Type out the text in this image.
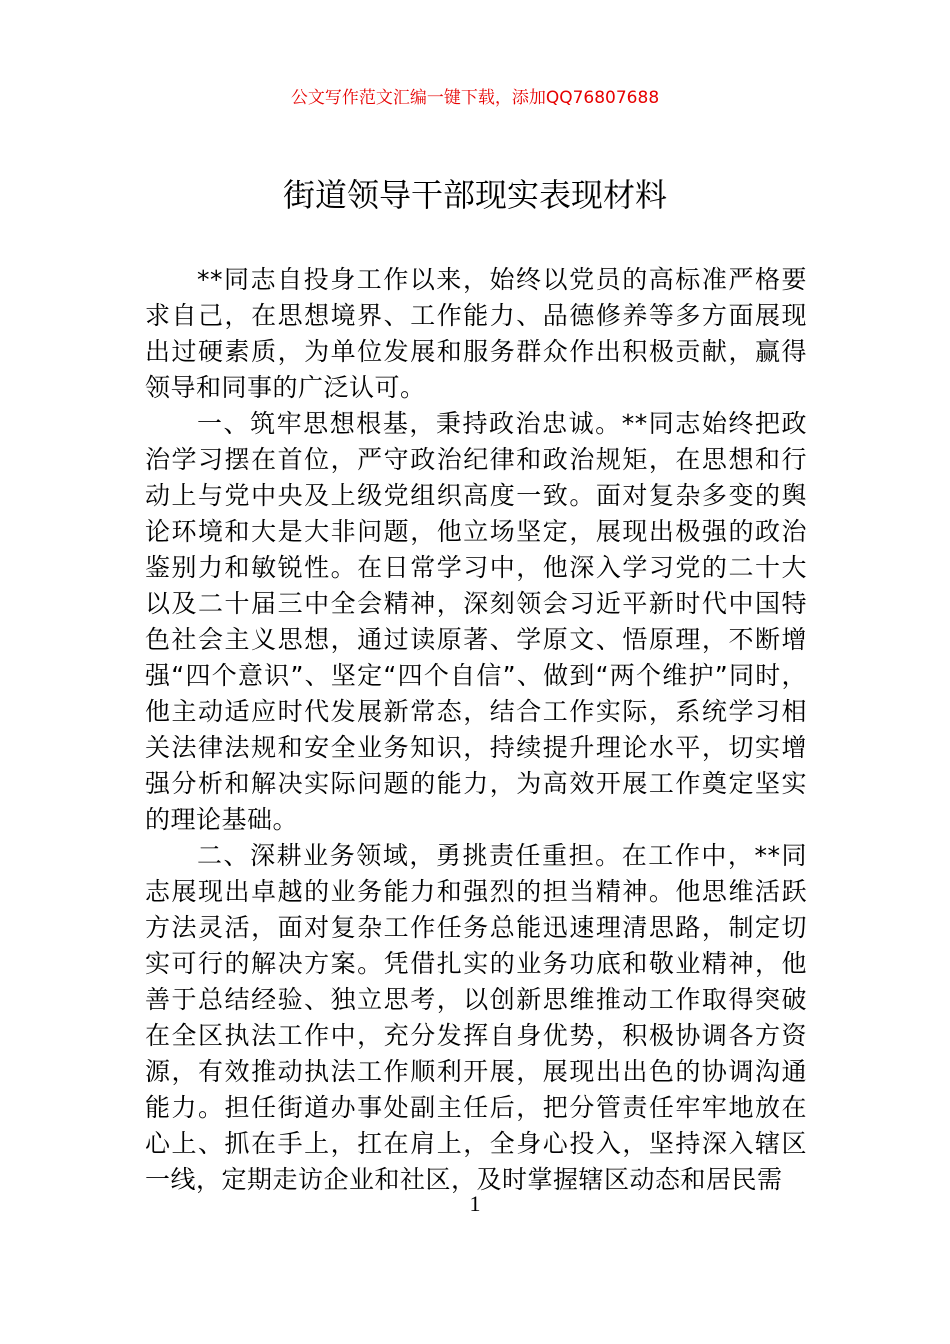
公文写作范文汇编一键下载，添加QQ76807688
街道领导干部现实表现材料

**同志自投身工作以来，始终以党员的高标准严格要求自己，在思想境界、工作能力、品德修养等多方面展现出过硬素质，为单位发展和服务群众作出积极贡献，赢得领导和同事的广泛认可。

一、筑牢思想根基，秉持政治忠诚。**同志始终把政治学习摆在首位，严守政治纪律和政治规矩，在思想和行动上与党中央及上级党组织高度一致。面对复杂多变的舆论环境和大是大非问题，他立场坚定，展现出极强的政治鉴别力和敏锐性。在日常学习中，他深入学习党的二十大以及二十届三中全会精神，深刻领会习近平新时代中国特色社会主义思想，通过读原著、学原文、悟原理，不断增强“四个意识”、坚定“四个自信”、做到“两个维护”同时，他主动适应时代发展新常态，结合工作实际，系统学习相关法律法规和安全业务知识，持续提升理论水平，切实增强分析和解决实际问题的能力，为高效开展工作奠定坚实的理论基础。

二、深耕业务领域，勇挑责任重担。在工作中，**同志展现出卓越的业务能力和强烈的担当精神。他思维活跃方法灵活，面对复杂工作任务总能迅速理清思路，制定切实可行的解决方案。凭借扎实的业务功底和敬业精神，他善于总结经验、独立思考，以创新思维推动工作取得突破在全区执法工作中，充分发挥自身优势，积极协调各方资源，有效推动执法工作顺利开展，展现出出色的协调沟通能力。担任街道办事处副主任后，把分管责任牢牢地放在心上、抓在手上，扛在肩上，全身心投入，坚持深入辖区一线，定期走访企业和社区，及时掌握辖区动态和居民需

1
